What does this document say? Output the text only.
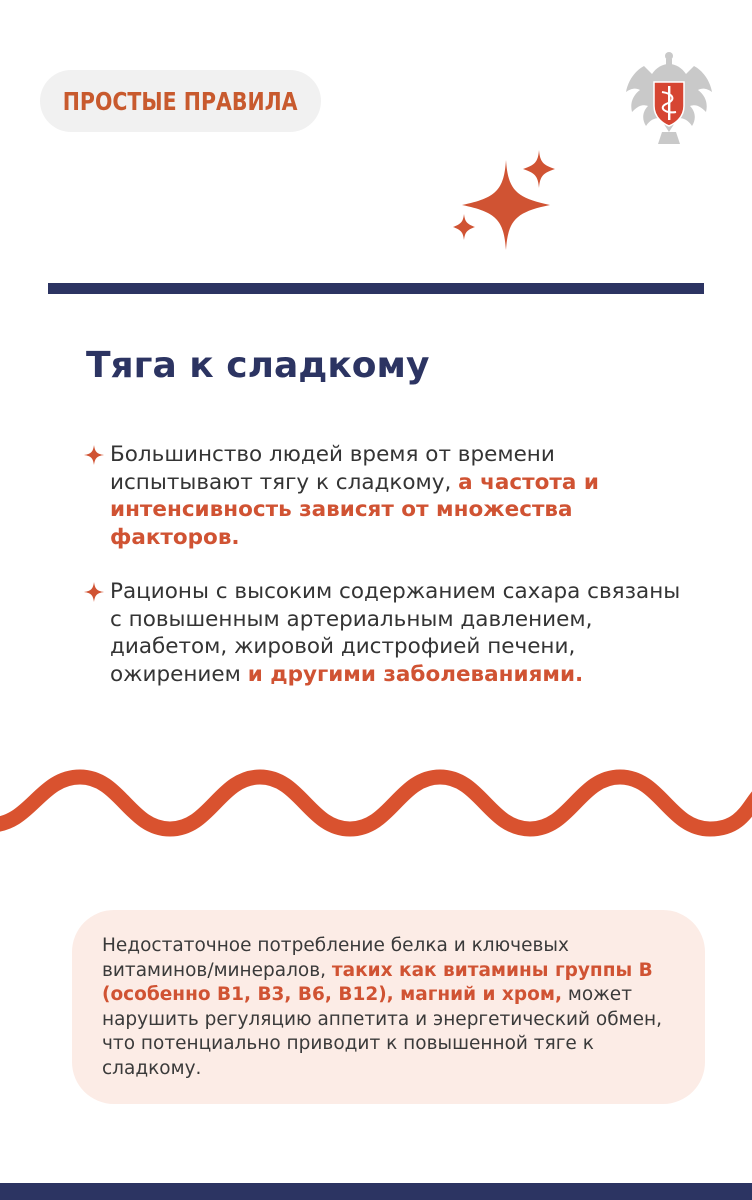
ПРОСТЫЕ ПРАВИЛА
Тяга к сладкому

Большинство людей время от времени испытывают тягу к сладкому, а частота и интенсивность зависят от множества факторов.

Рационы с высоким содержанием сахара связаны с повышенным артериальным давлением, диабетом, жировой дистрофией печени, ожирением и другими заболеваниями.

Недостаточное потребление белка и ключевых витаминов/минералов, таких как витамины группы B (особенно B1, B3, B6, B12), магний и хром, может нарушить регуляцию аппетита и энергетический обмен, что потенциально приводит к повышенной тяге к сладкому.
